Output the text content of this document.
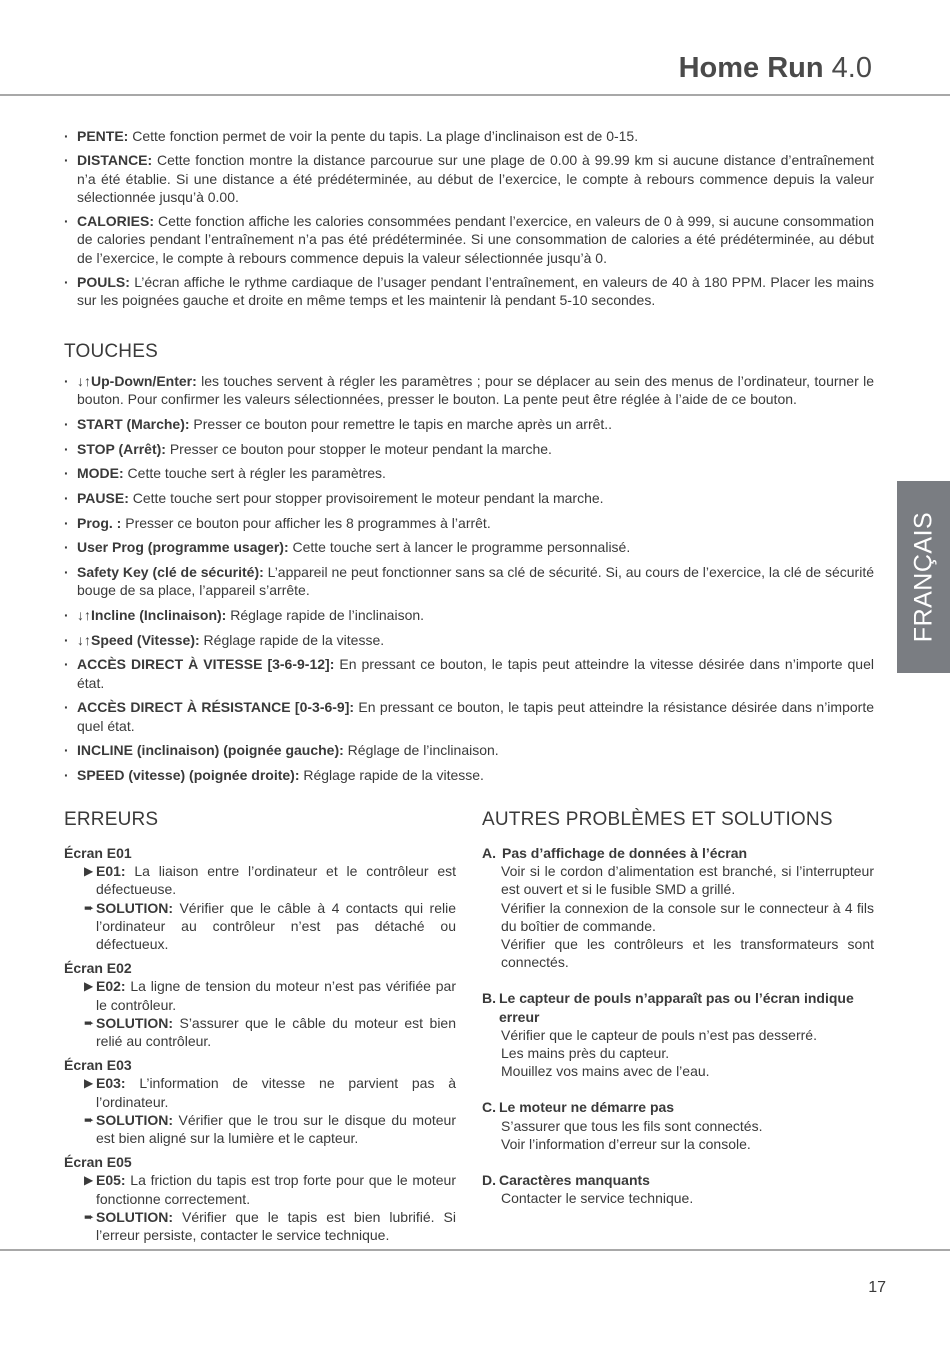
Home Run 4.0
FRANÇAIS
· PENTE: Cette fonction permet de voir la pente du tapis. La plage d’inclinaison est de 0-15.
· DISTANCE: Cette fonction montre la distance parcourue sur une plage de 0.00 à 99.99 km si aucune distance d’entraînement n’a été établie. Si une distance a été prédéterminée, au début de l’exercice, le compte à rebours commence depuis la valeur sélectionnée jusqu’à 0.00.
· CALORIES: Cette fonction affiche les calories consommées pendant l’exercice, en valeurs de 0 à 999, si aucune consommation de calories pendant l’entraînement n’a pas été prédéterminée. Si une consommation de calories a été prédéterminée, au début de l’exercice, le compte à rebours commence depuis la valeur sélectionnée jusqu’à 0.
· POULS: L’écran affiche le rythme cardiaque de l’usager pendant l’entraînement, en valeurs de 40 à 180 PPM. Placer les mains sur les poignées gauche et droite en même temps et les maintenir là pendant 5-10 secondes.
TOUCHES
· ↓↑Up-Down/Enter: les touches servent à régler les paramètres ; pour se déplacer au sein des menus de l’ordinateur, tourner le bouton. Pour confirmer les valeurs sélectionnées, presser le bouton. La pente peut être réglée à l’aide de ce bouton.
· START (Marche): Presser ce bouton pour remettre le tapis en marche après un arrêt..
· STOP (Arrêt): Presser ce bouton pour stopper le moteur pendant la marche.
· MODE: Cette touche sert à régler les paramètres.
· PAUSE: Cette touche sert pour stopper provisoirement le moteur pendant la marche.
· Prog. : Presser ce bouton pour afficher les 8 programmes à l’arrêt.
· User Prog (programme usager): Cette touche sert à lancer le programme personnalisé.
· Safety Key (clé de sécurité): L’appareil ne peut fonctionner sans sa clé de sécurité. Si, au cours de l’exercice, la clé de sécurité bouge de sa place, l’appareil s’arrête.
· ↓↑Incline (Inclinaison): Réglage rapide de l’inclinaison.
· ↓↑Speed (Vitesse): Réglage rapide de la vitesse.
· ACCÈS DIRECT À VITESSE [3-6-9-12]: En pressant ce bouton, le tapis peut atteindre la vitesse désirée dans n’importe quel état.
· ACCÈS DIRECT À RÉSISTANCE [0-3-6-9]: En pressant ce bouton, le tapis peut atteindre la résistance désirée dans n’importe quel état.
· INCLINE (inclinaison) (poignée gauche): Réglage de l’inclinaison.
· SPEED (vitesse) (poignée droite): Réglage rapide de la vitesse.
ERREURS
Écran E01
▶ E01: La liaison entre l’ordinateur et le contrôleur est défectueuse.
➨ SOLUTION: Vérifier que le câble à 4 contacts qui relie l’ordinateur au contrôleur n’est pas détaché ou défectueux.
Écran E02
▶ E02: La ligne de tension du moteur n’est pas vérifiée par le contrôleur.
➨ SOLUTION: S’assurer que le câble du moteur est bien relié au contrôleur.
Écran E03
▶ E03: L’information de vitesse ne parvient pas à l’ordinateur.
➨ SOLUTION: Vérifier que le trou sur le disque du moteur est bien aligné sur la lumière et le capteur.
Écran E05
▶ E05: La friction du tapis est trop forte pour que le moteur fonctionne correctement.
➨ SOLUTION: Vérifier que le tapis est bien lubrifié. Si l’erreur persiste, contacter le service technique.
AUTRES PROBLÈMES ET SOLUTIONS
A. Pas d’affichage de données à l’écran
Voir si le cordon d’alimentation est branché, si l’interrupteur est ouvert et si le fusible SMD a grillé.
Vérifier la connexion de la console sur le connecteur à 4 fils du boîtier de commande.
Vérifier que les contrôleurs et les transformateurs sont connectés.
B. Le capteur de pouls n’apparaît pas ou l’écran indique erreur
Vérifier que le capteur de pouls n’est pas desserré.
Les mains près du capteur.
Mouillez vos mains avec de l’eau.
C. Le moteur ne démarre pas
S’assurer que tous les fils sont connectés.
Voir l’information d’erreur sur la console.
D. Caractères manquants
Contacter le service technique.
17
